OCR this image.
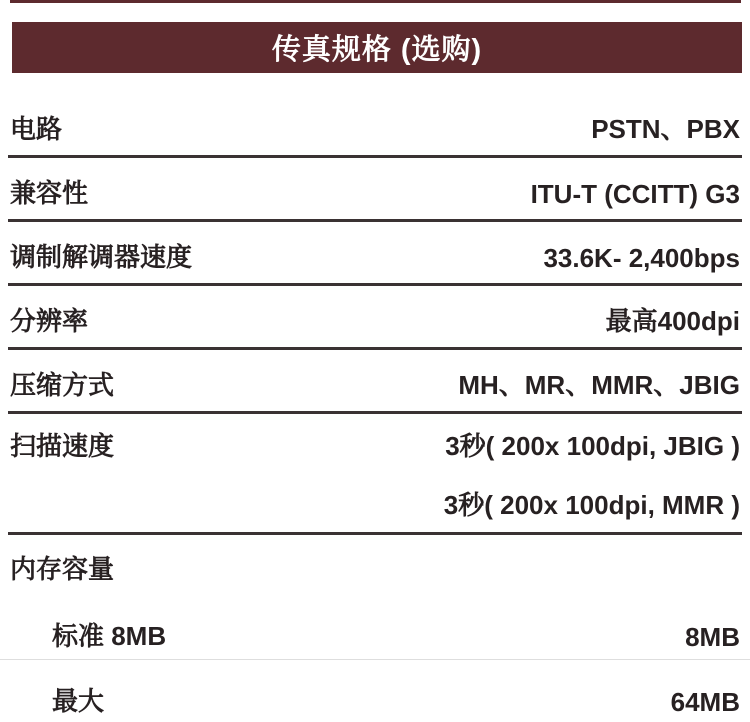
传真规格 (选购)
电路	PSTN、PBX
兼容性	ITU-T (CCITT) G3
调制解调器速度	33.6K- 2,400bps
分辨率	最高400dpi
压缩方式	MH、MR、MMR、JBIG
扫描速度	3秒( 200x 100dpi, JBIG )
3秒( 200x 100dpi, MMR )
内存容量
标准 8MB	8MB
最大	64MB
